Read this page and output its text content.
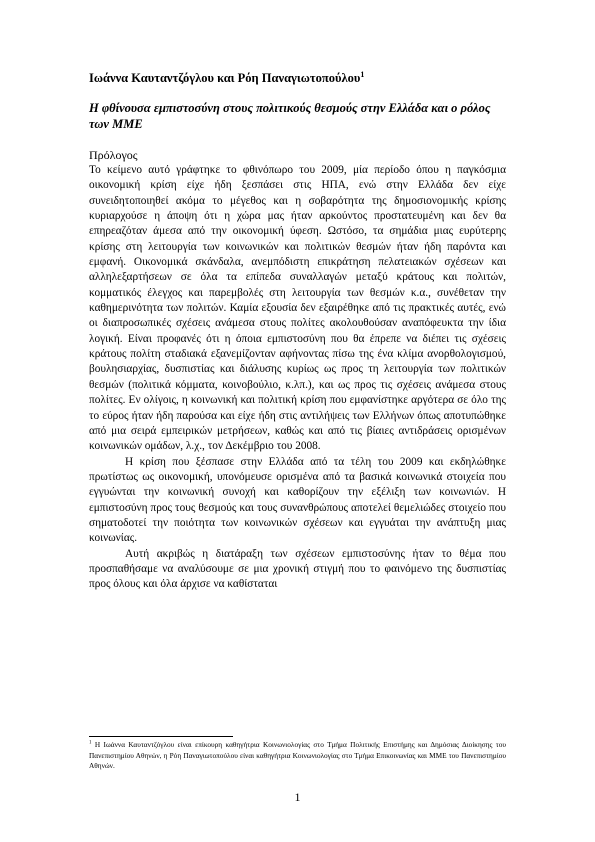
Ιωάννα Καυταντζόγλου και Ρόη Παναγιωτοπούλου$^1$

Η φθίνουσα εμπιστοσύνη στους πολιτικούς θεσμούς στην Ελλάδα και ο ρόλος των ΜΜΕ

Πρόλογος

Το κείμενο αυτό γράφτηκε το φθινόπωρο του 2009, μία περίοδο όπου η παγκόσμια οικονομική κρίση είχε ήδη ξεσπάσει στις ΗΠΑ, ενώ στην Ελλάδα δεν είχε συνειδητοποιηθεί ακόμα το μέγεθος και η σοβαρότητα της δημοσιονομικής κρίσης κυριαρχούσε η άποψη ότι η χώρα μας ήταν αρκούντος προστατευμένη και δεν θα επηρεαζόταν άμεσα από την οικονομική ύφεση. Ωστόσο, τα σημάδια μιας ευρύτερης κρίσης στη λειτουργία των κοινωνικών και πολιτικών θεσμών ήταν ήδη παρόντα και εμφανή. Οικονομικά σκάνδαλα, ανεμπόδιστη επικράτηση πελατειακών σχέσεων και αλληλεξαρτήσεων σε όλα τα επίπεδα συναλλαγών μεταξύ κράτους και πολιτών, κομματικός έλεγχος και παρεμβολές στη λειτουργία των θεσμών κ.α., συνέθεταν την καθημερινότητα των πολιτών. Καμία εξουσία δεν εξαιρέθηκε από τις πρακτικές αυτές, ενώ οι διαπροσωπικές σχέσεις ανάμεσα στους πολίτες ακολουθούσαν αναπόφευκτα την ίδια λογική. Είναι προφανές ότι η όποια εμπιστοσύνη που θα έπρεπε να διέπει τις σχέσεις κράτους πολίτη σταδιακά εξανεμίζονταν αφήνοντας πίσω της ένα κλίμα ανορθολογισμού, βουλησιαρχίας, δυσπιστίας και διάλυσης κυρίως ως προς τη λειτουργία των πολιτικών θεσμών (πολιτικά κόμματα, κοινοβούλιο, κ.λπ.), και ως προς τις σχέσεις ανάμεσα στους πολίτες. Εν ολίγοις, η κοινωνική και πολιτική κρίση που εμφανίστηκε αργότερα σε όλο της το εύρος ήταν ήδη παρούσα και είχε ήδη στις αντιλήψεις των Ελλήνων όπως αποτυπώθηκε από μια σειρά εμπειρικών μετρήσεων, καθώς και από τις βίαιες αντιδράσεις ορισμένων κοινωνικών ομάδων, λ.χ., τον Δεκέμβριο του 2008.

Η κρίση που ξέσπασε στην Ελλάδα από τα τέλη του 2009 και εκδηλώθηκε πρωτίστως ως οικονομική, υπονόμευσε ορισμένα από τα βασικά κοινωνικά στοιχεία που εγγυώνται την κοινωνική συνοχή και καθορίζουν την εξέλιξη των κοινωνιών. Η εμπιστοσύνη προς τους θεσμούς και τους συνανθρώπους αποτελεί θεμελιώδες στοιχείο που σηματοδοτεί την ποιότητα των κοινωνικών σχέσεων και εγγυάται την ανάπτυξη μιας κοινωνίας.

Αυτή ακριβώς η διατάραξη των σχέσεων εμπιστοσύνης ήταν το θέμα που προσπαθήσαμε να αναλύσουμε σε μια χρονική στιγμή που το φαινόμενο της δυσπιστίας προς όλους και όλα άρχισε να καθίσταται

$^1$ Η Ιωάννα Καυταντζόγλου είναι επίκουρη καθηγήτρια Κοινωνιολογίας στο Τμήμα Πολιτικής Επιστήμης και Δημόσιας Διοίκησης του Πανεπιστημίου Αθηνών, η Ρόη Παναγιωτοπούλου είναι καθηγήτρια Κοινωνιολογίας στο Τμήμα Επικοινωνίας και ΜΜΕ του Πανεπιστημίου Αθηνών.

1
